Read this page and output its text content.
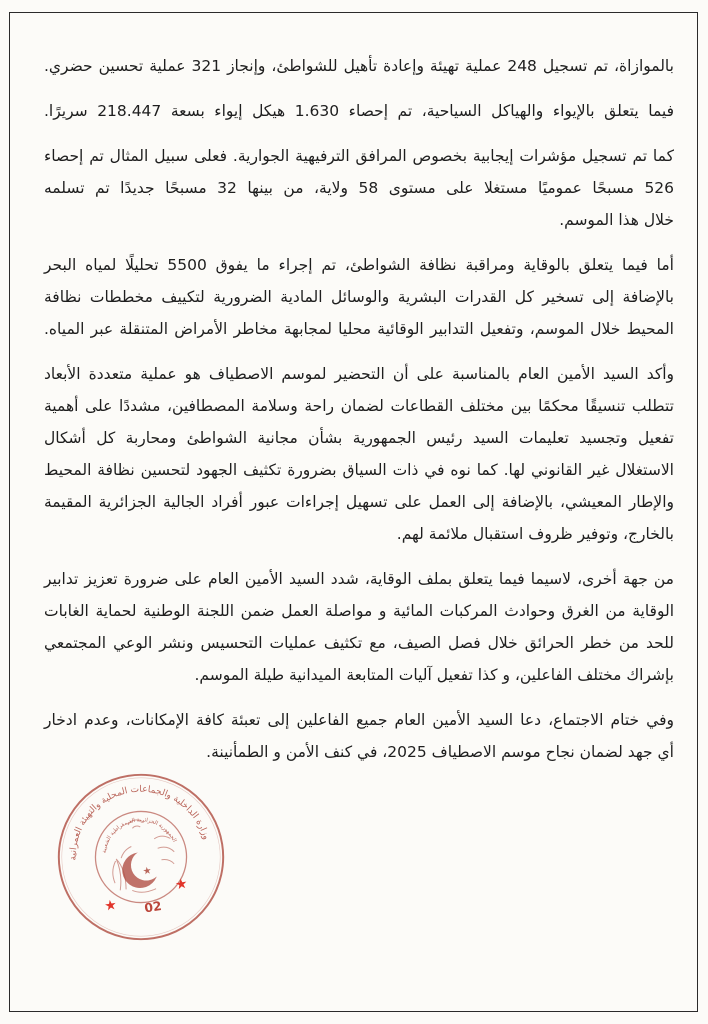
بالموازاة، تم تسجيل 248 عملية تهيئة وإعادة تأهيل للشواطئ، وإنجاز 321 عملية تحسين حضري.

فيما يتعلق بالإيواء والهياكل السياحية، تم إحصاء 1.630 هيكل إيواء بسعة 218.447 سريرًا.

كما تم تسجيل مؤشرات إيجابية بخصوص المرافق الترفيهية الجوارية. فعلى سبيل المثال تم إحصاء
526 مسبحًا عموميًا مستغلا على مستوى 58 ولاية، من بينها 32 مسبحًا جديدًا تم تسلمه
خلال هذا الموسم.

أما فيما يتعلق بالوقاية ومراقبة نظافة الشواطئ، تم إجراء ما يفوق 5500 تحليلًا لمياه البحر
بالإضافة إلى تسخير كل القدرات البشرية والوسائل المادية الضرورية لتكييف مخططات نظافة
المحيط خلال الموسم، وتفعيل التدابير الوقائية محليا لمجابهة مخاطر الأمراض المتنقلة عبر المياه.

وأكد السيد الأمين العام بالمناسبة على أن التحضير لموسم الاصطياف هو عملية متعددة الأبعاد
تتطلب تنسيقًا محكمًا بين مختلف القطاعات لضمان راحة وسلامة المصطافين، مشددًا على أهمية
تفعيل وتجسيد تعليمات السيد رئيس الجمهورية بشأن مجانية الشواطئ ومحاربة كل أشكال
الاستغلال غير القانوني لها. كما نوه في ذات السياق بضرورة تكثيف الجهود لتحسين نظافة المحيط
والإطار المعيشي، بالإضافة إلى العمل على تسهيل إجراءات عبور أفراد الجالية الجزائرية المقيمة
بالخارج، وتوفير ظروف استقبال ملائمة لهم.

من جهة أخرى، لاسيما فيما يتعلق بملف الوقاية، شدد السيد الأمين العام على ضرورة تعزيز تدابير
الوقاية من الغرق وحوادث المركبات المائية و مواصلة العمل ضمن اللجنة الوطنية لحماية الغابات
للحد من خطر الحرائق خلال فصل الصيف، مع تكثيف عمليات التحسيس ونشر الوعي المجتمعي
بإشراك مختلف الفاعلين، و كذا تفعيل آليات المتابعة الميدانية طيلة الموسم.

وفي ختام الاجتماع، دعا السيد الأمين العام جميع الفاعلين إلى تعبئة كافة الإمكانات، وعدم ادخار
أي جهد لضمان نجاح موسم الاصطياف 2025، في كنف الأمن و الطمأنينة.

وزارة الداخلية والجماعات المحلية والتهيئة العمرانية
الجمهورية الجزائرية الديمقراطية الشعبية
★
★
★
02
